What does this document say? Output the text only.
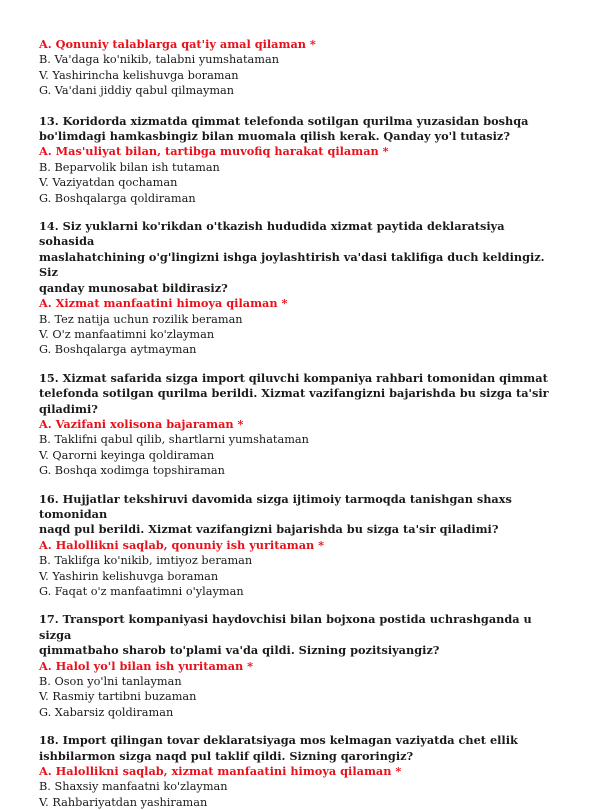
A. Qonuniy talablarga qat'iy amal qilaman *
B. Va'daga ko'nikib, talabni yumshataman
V. Yashirincha kelishuvga boraman
G. Va'dani jiddiy qabul qilmayman
13. Koridorda xizmatda qimmat telefonda sotilgan qurilma yuzasidan boshqa
bo'limdagi hamkasbingiz bilan muomala qilish kerak. Qanday yo'l tutasiz?
A. Mas'uliyat bilan, tartibga muvofiq harakat qilaman *
B. Beparvolik bilan ish tutaman
V. Vaziyatdan qochaman
G. Boshqalarga qoldiraman
14. Siz yuklarni ko'rikdan o'tkazish hududida xizmat paytida deklaratsiya sohasida
maslahatchining o'g'lingizni ishga joylashtirish va'dasi taklifiga duch keldingiz. Siz
qanday munosabat bildirasiz?
A. Xizmat manfaatini himoya qilaman *
B. Tez natija uchun rozilik beraman
V. O'z manfaatimni ko'zlayman
G. Boshqalarga aytmayman
15. Xizmat safarida sizga import qiluvchi kompaniya rahbari tomonidan qimmat
telefonda sotilgan qurilma berildi. Xizmat vazifangizni bajarishda bu sizga ta'sir
qiladimi?
A. Vazifani xolisona bajaraman *
B. Taklifni qabul qilib, shartlarni yumshataman
V. Qarorni keyinga qoldiraman
G. Boshqa xodimga topshiraman
16. Hujjatlar tekshiruvi davomida sizga ijtimoiy tarmoqda tanishgan shaxs tomonidan
naqd pul berildi. Xizmat vazifangizni bajarishda bu sizga ta'sir qiladimi?
A. Halollikni saqlab, qonuniy ish yuritaman *
B. Taklifga ko'nikib, imtiyoz beraman
V. Yashirin kelishuvga boraman
G. Faqat o'z manfaatimni o'ylayman
17. Transport kompaniyasi haydovchisi bilan bojxona postida uchrashganda u sizga
qimmatbaho sharob to'plami va'da qildi. Sizning pozitsiyangiz?
A. Halol yo'l bilan ish yuritaman *
B. Oson yo'lni tanlayman
V. Rasmiy tartibni buzaman
G. Xabarsiz qoldiraman
18. Import qilingan tovar deklaratsiyaga mos kelmagan vaziyatda chet ellik
ishbilarmon sizga naqd pul taklif qildi. Sizning qaroringiz?
A. Halollikni saqlab, xizmat manfaatini himoya qilaman *
B. Shaxsiy manfaatni ko'zlayman
V. Rahbariyatdan yashiraman
